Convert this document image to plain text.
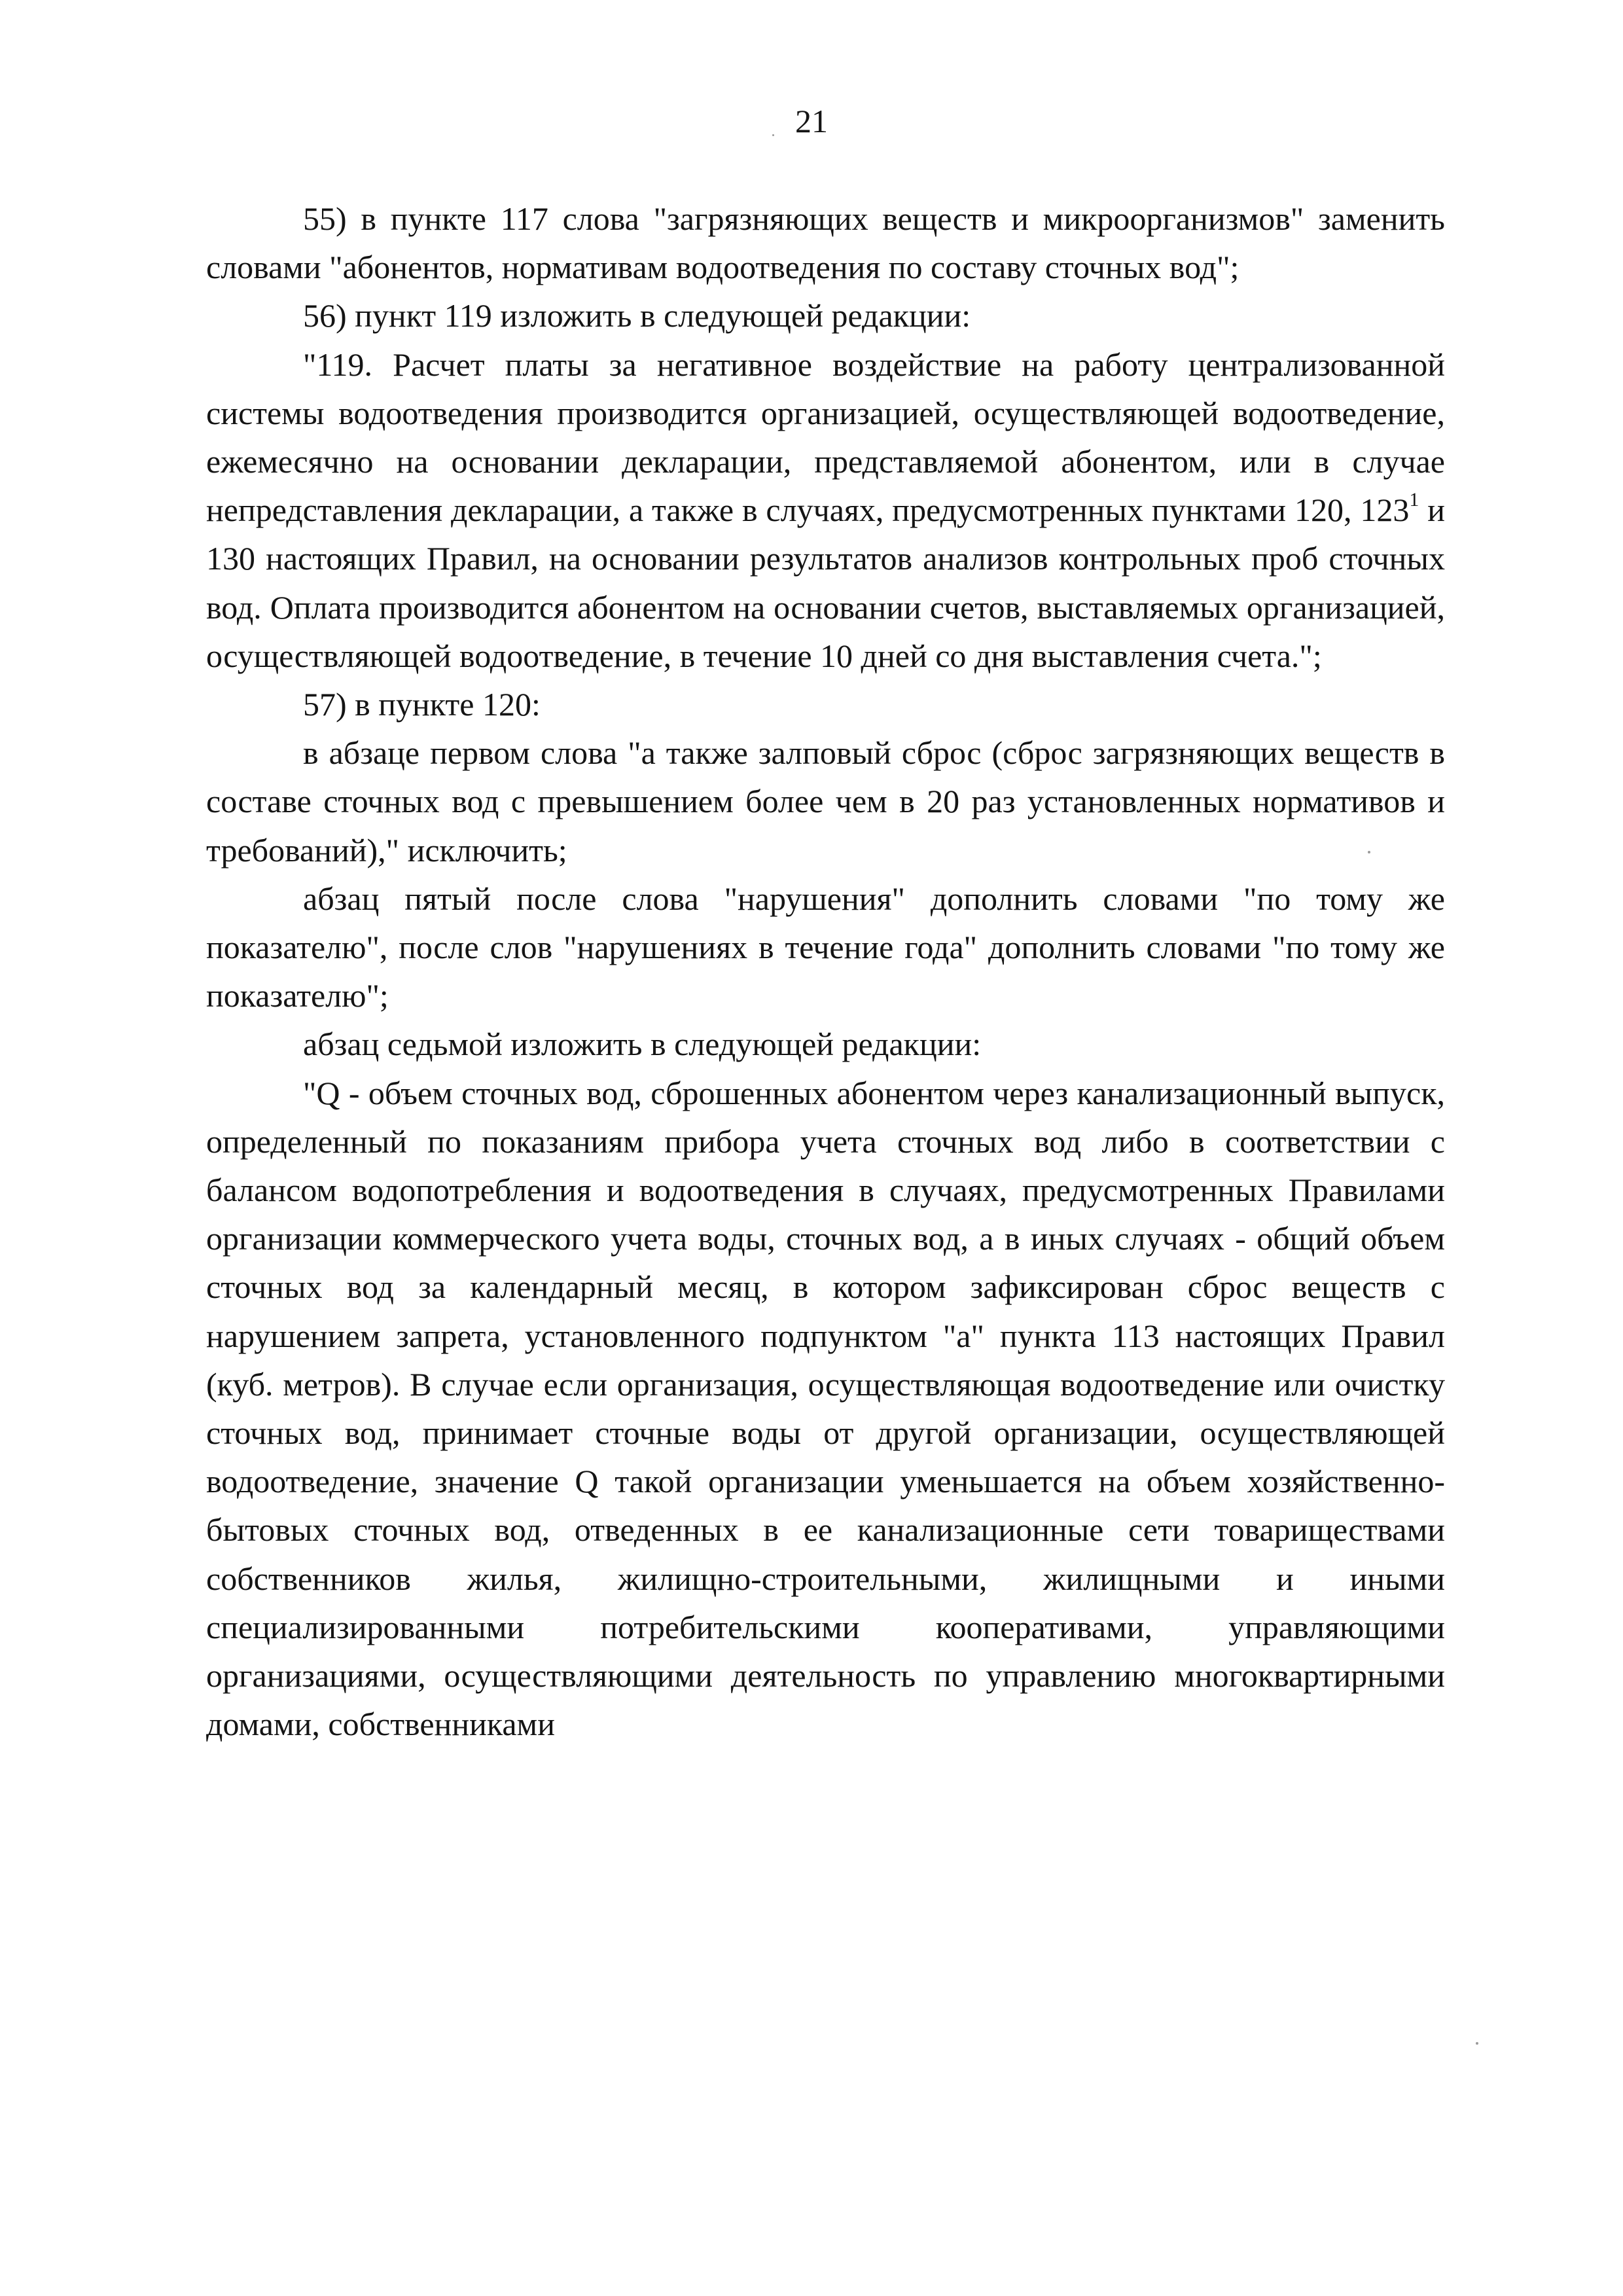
21

55) в пункте 117 слова "загрязняющих веществ и микроорганизмов" заменить словами "абонентов, нормативам водоотведения по составу сточных вод";

56) пункт 119 изложить в следующей редакции:

"119. Расчет платы за негативное воздействие на работу централизованной системы водоотведения производится организацией, осуществляющей водоотведение, ежемесячно на основании декларации, представляемой абонентом, или в случае непредставления декларации, а также в случаях, предусмотренных пунктами 120, $123^1$ и 130 настоящих Правил, на основании результатов анализов контрольных проб сточных вод. Оплата производится абонентом на основании счетов, выставляемых организацией, осуществляющей водоотведение, в течение 10 дней со дня выставления счета.";

57) в пункте 120:

в абзаце первом слова "а также залповый сброс (сброс загрязняющих веществ в составе сточных вод с превышением более чем в 20 раз установленных нормативов и требований)," исключить;

абзац пятый после слова "нарушения" дополнить словами "по тому же показателю", после слов "нарушениях в течение года" дополнить словами "по тому же показателю";

абзац седьмой изложить в следующей редакции:

"Q - объем сточных вод, сброшенных абонентом через канализационный выпуск, определенный по показаниям прибора учета сточных вод либо в соответствии с балансом водопотребления и водоотведения в случаях, предусмотренных Правилами организации коммерческого учета воды, сточных вод, а в иных случаях - общий объем сточных вод за календарный месяц, в котором зафиксирован сброс веществ с нарушением запрета, установленного подпунктом "а" пункта 113 настоящих Правил (куб. метров). В случае если организация, осуществляющая водоотведение или очистку сточных вод, принимает сточные воды от другой организации, осуществляющей водоотведение, значение Q такой организации уменьшается на объем хозяйственно-бытовых сточных вод, отведенных в ее канализационные сети товариществами собственников жилья, жилищно-строительными, жилищными и иными специализированными потребительскими кооперативами, управляющими организациями, осуществляющими деятельность по управлению многоквартирными домами, собственниками
